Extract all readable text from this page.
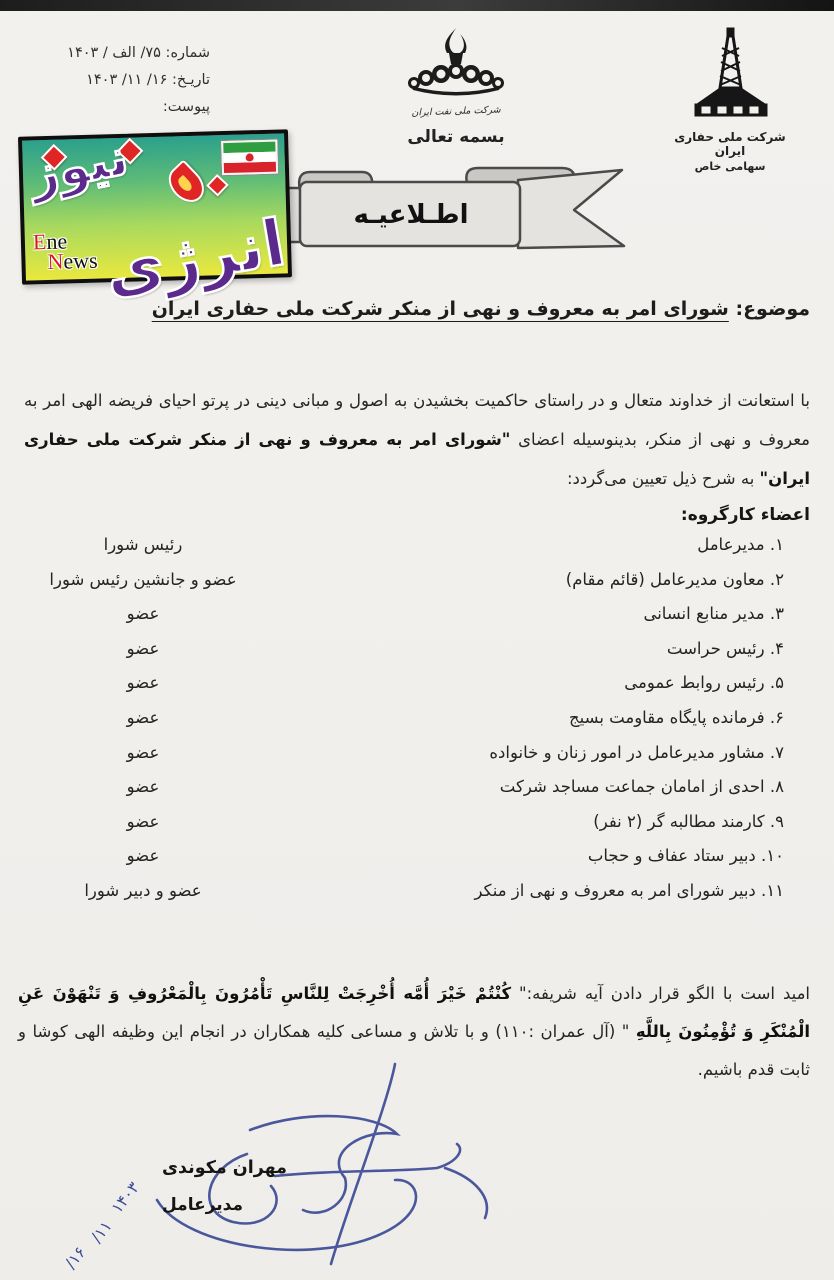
شماره: ۷۵/ الف / ۱۴۰۳
تاریـخ: ۱۶/ ۱۱/ ۱۴۰۳
پیوست:	شرکت ملی نفت ایران
بسمه تعالی	شرکت ملی حفاری ایران
سهامی خاص
اطـلاعیـه
نیوز
انرژی
Ene
News
موضوع: شورای امر به معروف و نهی از منکر شرکت ملی حفاری ایران

با استعانت از خداوند متعال و در راستای حاکمیت بخشیدن به اصول و مبانی دینی در پرتو احیای فریضه الهی امر به معروف و نهی از منکر، بدینوسیله اعضای "شورای امر به معروف و نهی از منکر شرکت ملی حفاری ایران" به شرح ذیل تعیین می‌گردد:

اعضاء کارگروه:
۱. مدیرعامل
رئیس شورا
۲. معاون مدیرعامل (قائم مقام)
عضو و جانشین رئیس شورا
۳. مدیر منابع انسانی
عضو
۴. رئیس حراست
عضو
۵. رئیس روابط عمومی
عضو
۶. فرمانده پایگاه مقاومت بسیج
عضو
۷. مشاور مدیرعامل در امور زنان و خانواده
عضو
۸. احدی از امامان جماعت مساجد شرکت
عضو
۹. کارمند مطالبه گر (۲ نفر)
عضو
۱۰. دبیر ستاد عفاف و حجاب
عضو
۱۱. دبیر شورای امر به معروف و نهی از منکر
عضو و دبیر شورا

امید است با الگو قرار دادن آیه شریفه:" کُنْتُمْ خَیْرَ أُمَّه أُخْرِجَتْ لِلنَّاسِ تَأْمُرُونَ بِالْمَعْرُوفِ وَ تَنْهَوْنَ عَنِ الْمُنْکَرِ وَ تُؤْمِنُونَ بِاللَّهِ " (آل عمران :۱۱۰) و با تلاش و مساعی کلیه همکاران در انجام این وظیفه الهی کوشا و ثابت قدم باشیم.

مهران مکوندی
مدیرعامل
۱۴۰۳
/۱۱
/۱۶
